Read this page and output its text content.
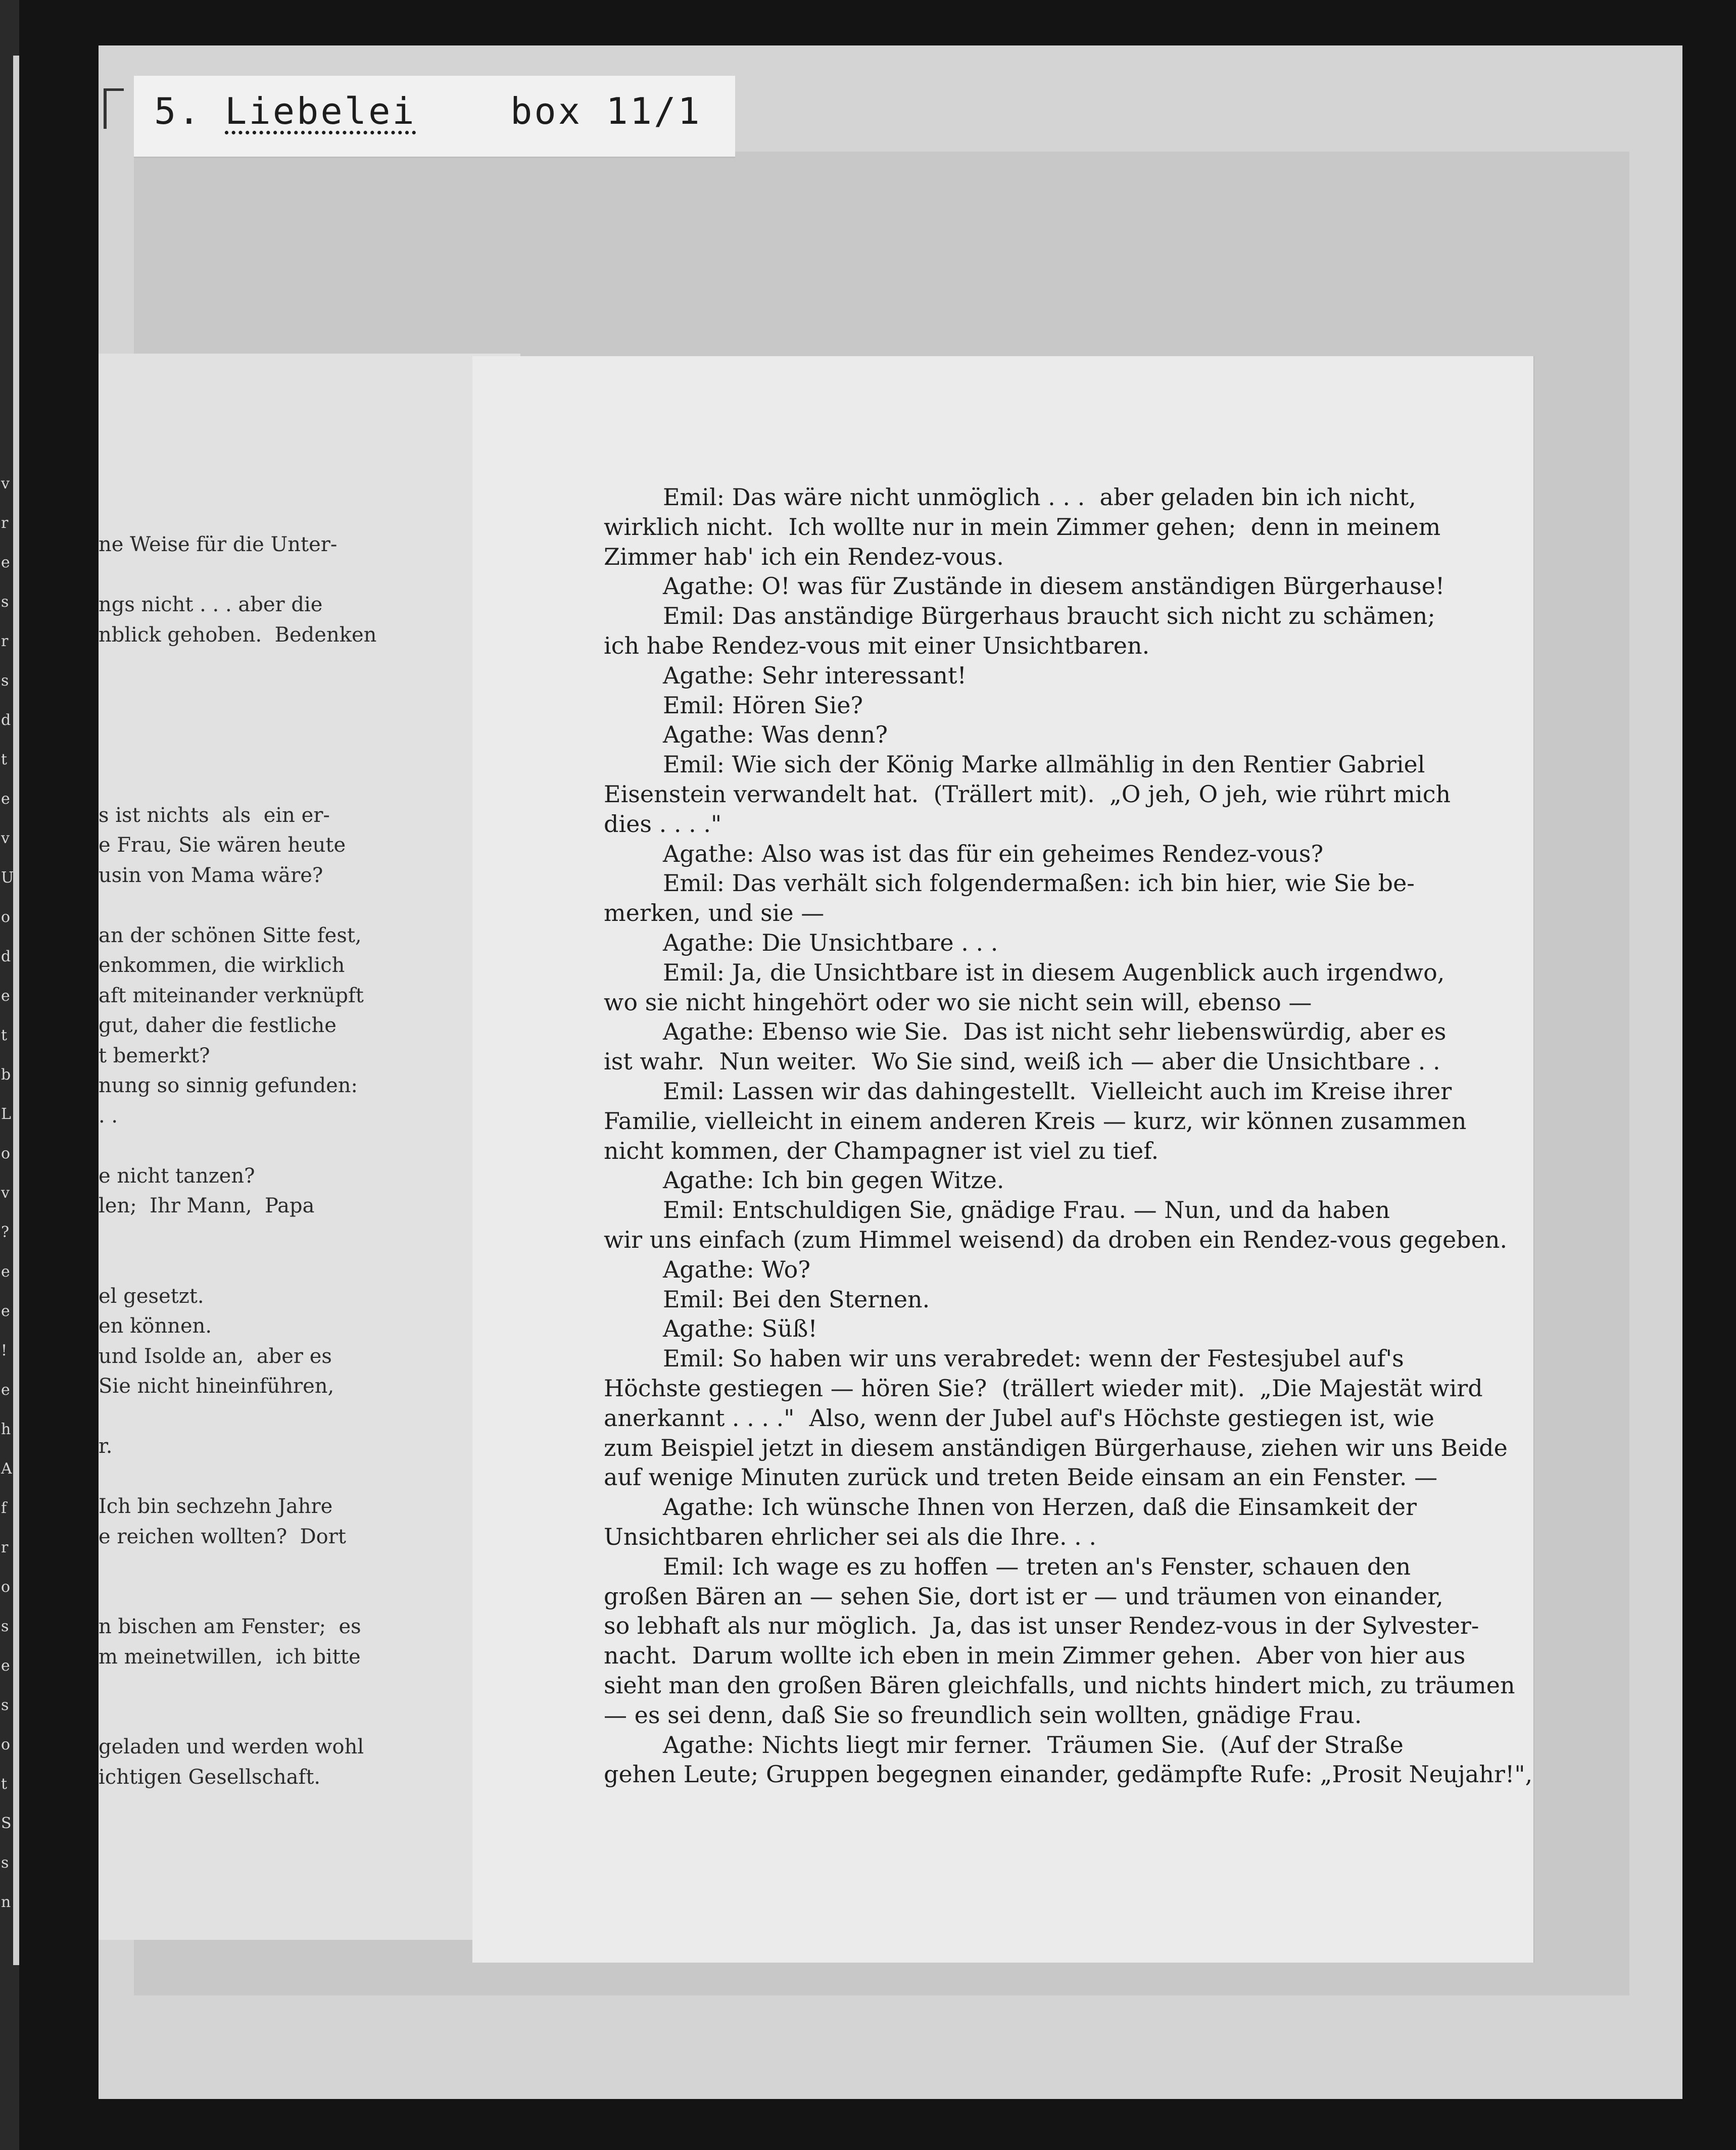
v
r
e
s
r
s
d
t
e
v
U
o
d
e
t
b
L
o
v
?
e
e
!
e
h
A
f
r
o
s
e
s
o
t
S
s
n
5. Liebelei	box 11/1
ne Weise für die Unter-
ngs nicht . . . aber die
nblick gehoben.  Bedenken
s ist nichts  als  ein er-
e Frau, Sie wären heute
usin von Mama wäre?
an der schönen Sitte fest,
enkommen, die wirklich
aft miteinander verknüpft
gut, daher die festliche
t bemerkt?
nung so sinnig gefunden:
. .
e nicht tanzen?
len;  Ihr Mann,  Papa
el gesetzt.
en können.
und Isolde an,  aber es
Sie nicht hineinführen,
r.
Ich bin sechzehn Jahre
e reichen wollten?  Dort
n bischen am Fenster;  es
m meinetwillen,  ich bitte
geladen und werden wohl
ichtigen Gesellschaft.
Emil: Das wäre nicht unmöglich . . .  aber geladen bin ich nicht,
wirklich nicht.  Ich wollte nur in mein Zimmer gehen;  denn in meinem
Zimmer hab' ich ein Rendez-vous.
Agathe: O! was für Zustände in diesem anständigen Bürgerhause!
Emil: Das anständige Bürgerhaus braucht sich nicht zu schämen;
ich habe Rendez-vous mit einer Unsichtbaren.
Agathe: Sehr interessant!
Emil: Hören Sie?
Agathe: Was denn?
Emil: Wie sich der König Marke allmählig in den Rentier Gabriel
Eisenstein verwandelt hat.  (Trällert mit).  „O jeh, O jeh, wie rührt mich
dies . . . ."
Agathe: Also was ist das für ein geheimes Rendez-vous?
Emil: Das verhält sich folgendermaßen: ich bin hier, wie Sie be-
merken, und sie —
Agathe: Die Unsichtbare . . .
Emil: Ja, die Unsichtbare ist in diesem Augenblick auch irgendwo,
wo sie nicht hingehört oder wo sie nicht sein will, ebenso —
Agathe: Ebenso wie Sie.  Das ist nicht sehr liebenswürdig, aber es
ist wahr.  Nun weiter.  Wo Sie sind, weiß ich — aber die Unsichtbare . .
Emil: Lassen wir das dahingestellt.  Vielleicht auch im Kreise ihrer
Familie, vielleicht in einem anderen Kreis — kurz, wir können zusammen
nicht kommen, der Champagner ist viel zu tief.
Agathe: Ich bin gegen Witze.
Emil: Entschuldigen Sie, gnädige Frau. — Nun, und da haben
wir uns einfach (zum Himmel weisend) da droben ein Rendez-vous gegeben.
Agathe: Wo?
Emil: Bei den Sternen.
Agathe: Süß!
Emil: So haben wir uns verabredet: wenn der Festesjubel auf's
Höchste gestiegen — hören Sie?  (trällert wieder mit).  „Die Majestät wird
anerkannt . . . ."  Also, wenn der Jubel auf's Höchste gestiegen ist, wie
zum Beispiel jetzt in diesem anständigen Bürgerhause, ziehen wir uns Beide
auf wenige Minuten zurück und treten Beide einsam an ein Fenster. —
Agathe: Ich wünsche Ihnen von Herzen, daß die Einsamkeit der
Unsichtbaren ehrlicher sei als die Ihre. . .
Emil: Ich wage es zu hoffen — treten an's Fenster, schauen den
großen Bären an — sehen Sie, dort ist er — und träumen von einander,
so lebhaft als nur möglich.  Ja, das ist unser Rendez-vous in der Sylvester-
nacht.  Darum wollte ich eben in mein Zimmer gehen.  Aber von hier aus
sieht man den großen Bären gleichfalls, und nichts hindert mich, zu träumen
— es sei denn, daß Sie so freundlich sein wollten, gnädige Frau.
Agathe: Nichts liegt mir ferner.  Träumen Sie.  (Auf der Straße
gehen Leute; Gruppen begegnen einander, gedämpfte Rufe: „Prosit Neujahr!",
